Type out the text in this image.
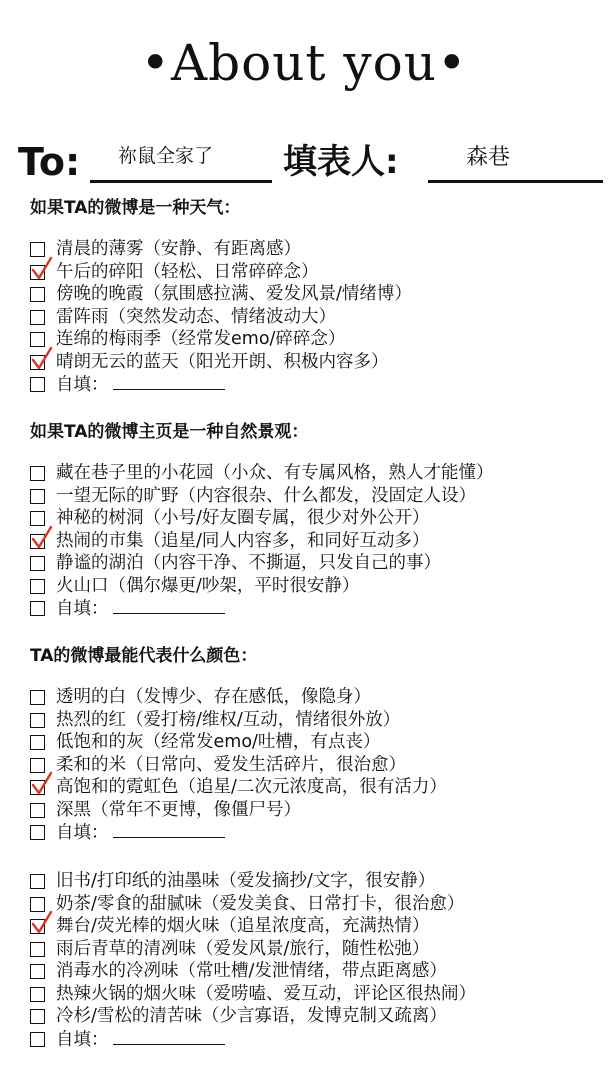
•About you•
To: 祢鼠全家了 填表人:	森巷
如果TA的微博是一种天气：
清晨的薄雾（安静、有距离感）
午后的碎阳（轻松、日常碎碎念）
傍晚的晚霞（氛围感拉满、爱发风景/情绪博）
雷阵雨（突然发动态、情绪波动大）
连绵的梅雨季（经常发emo/碎碎念）
晴朗无云的蓝天（阳光开朗、积极内容多）
自填：
如果TA的微博主页是一种自然景观：
藏在巷子里的小花园（小众、有专属风格，熟人才能懂）
一望无际的旷野（内容很杂、什么都发，没固定人设）
神秘的树洞（小号/好友圈专属，很少对外公开）
热闹的市集（追星/同人内容多，和同好互动多）
静谧的湖泊（内容干净、不撕逼，只发自己的事）
火山口（偶尔爆更/吵架，平时很安静）
自填：
TA的微博最能代表什么颜色：
透明的白（发博少、存在感低，像隐身）
热烈的红（爱打榜/维权/互动，情绪很外放）
低饱和的灰（经常发emo/吐槽，有点丧）
柔和的米（日常向、爱发生活碎片，很治愈）
高饱和的霓虹色（追星/二次元浓度高，很有活力）
深黑（常年不更博，像僵尸号）
自填：
旧书/打印纸的油墨味（爱发摘抄/文字，很安静）
奶茶/零食的甜腻味（爱发美食、日常打卡，很治愈）
舞台/荧光棒的烟火味（追星浓度高，充满热情）
雨后青草的清冽味（爱发风景/旅行，随性松弛）
消毒水的冷冽味（常吐槽/发泄情绪，带点距离感）
热辣火锅的烟火味（爱唠嗑、爱互动，评论区很热闹）
冷杉/雪松的清苦味（少言寡语，发博克制又疏离）
自填：
